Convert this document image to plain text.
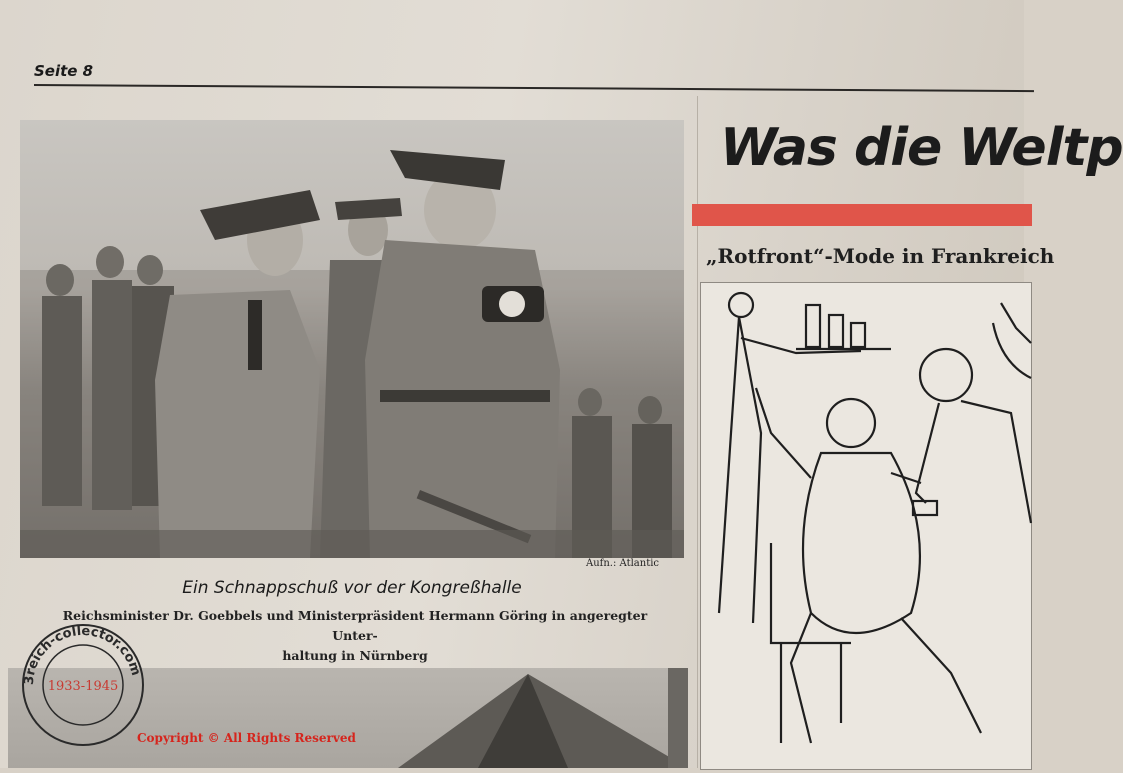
Seite 8
Aufn.: Atlantic
Ein Schnappschuß vor der Kongreßhalle
Reichsminister Dr. Goebbels und Ministerpräsident Hermann Göring in angeregter Unter-
haltung in Nürnberg
Was die Weltp
„Rotfront“-Mode in Frankreich
3reich-collector.com
1933-1945
Copyright © All Rights Reserved
